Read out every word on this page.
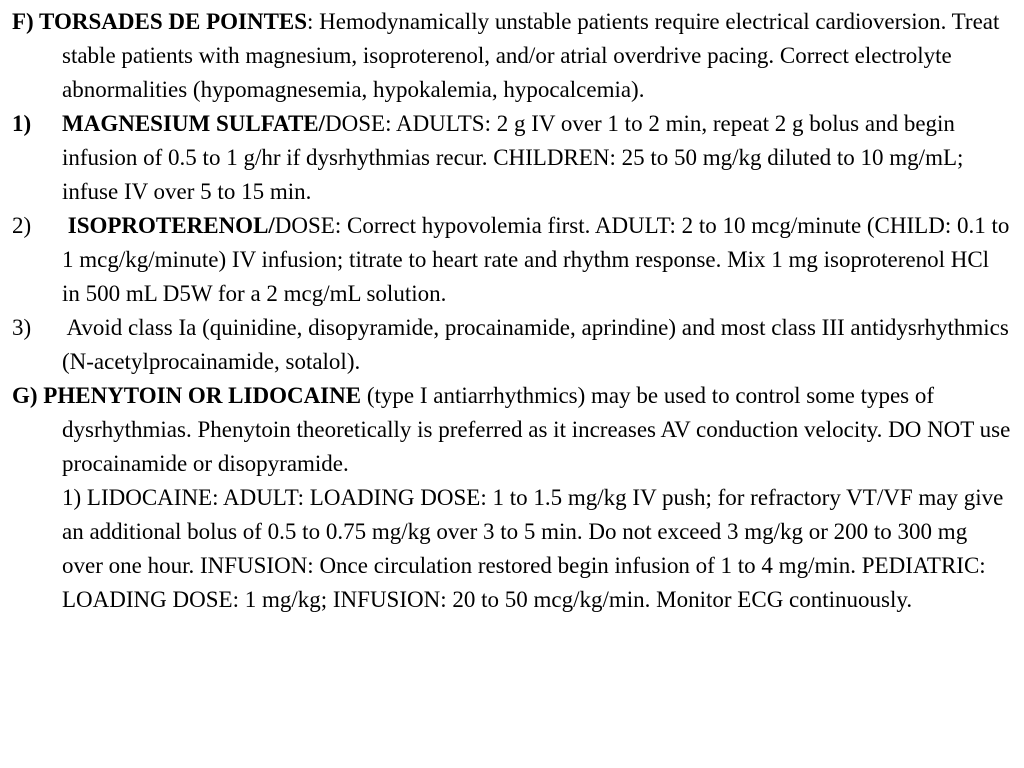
F) TORSADES DE POINTES: Hemodynamically unstable patients require electrical cardioversion. Treat stable patients with magnesium, isoproterenol, and/or atrial overdrive pacing. Correct electrolyte abnormalities (hypomagnesemia, hypokalemia, hypocalcemia).

1) MAGNESIUM SULFATE/DOSE: ADULTS: 2 g IV over 1 to 2 min, repeat 2 g bolus and begin infusion of 0.5 to 1 g/hr if dysrhythmias recur. CHILDREN: 25 to 50 mg/kg diluted to 10 mg/mL; infuse IV over 5 to 15 min.

2) ISOPROTERENOL/DOSE: Correct hypovolemia first. ADULT: 2 to 10 mcg/minute (CHILD: 0.1 to 1 mcg/kg/minute) IV infusion; titrate to heart rate and rhythm response. Mix 1 mg isoproterenol HCl in 500 mL D5W for a 2 mcg/mL solution.

3) Avoid class Ia (quinidine, disopyramide, procainamide, aprindine) and most class III antidysrhythmics (N-acetylprocainamide, sotalol).

G) PHENYTOIN OR LIDOCAINE (type I antiarrhythmics) may be used to control some types of dysrhythmias. Phenytoin theoretically is preferred as it increases AV conduction velocity. DO NOT use procainamide or disopyramide.

1) LIDOCAINE: ADULT: LOADING DOSE: 1 to 1.5 mg/kg IV push; for refractory VT/VF may give an additional bolus of 0.5 to 0.75 mg/kg over 3 to 5 min. Do not exceed 3 mg/kg or 200 to 300 mg over one hour. INFUSION: Once circulation restored begin infusion of 1 to 4 mg/min. PEDIATRIC: LOADING DOSE: 1 mg/kg; INFUSION: 20 to 50 mcg/kg/min. Monitor ECG continuously.
